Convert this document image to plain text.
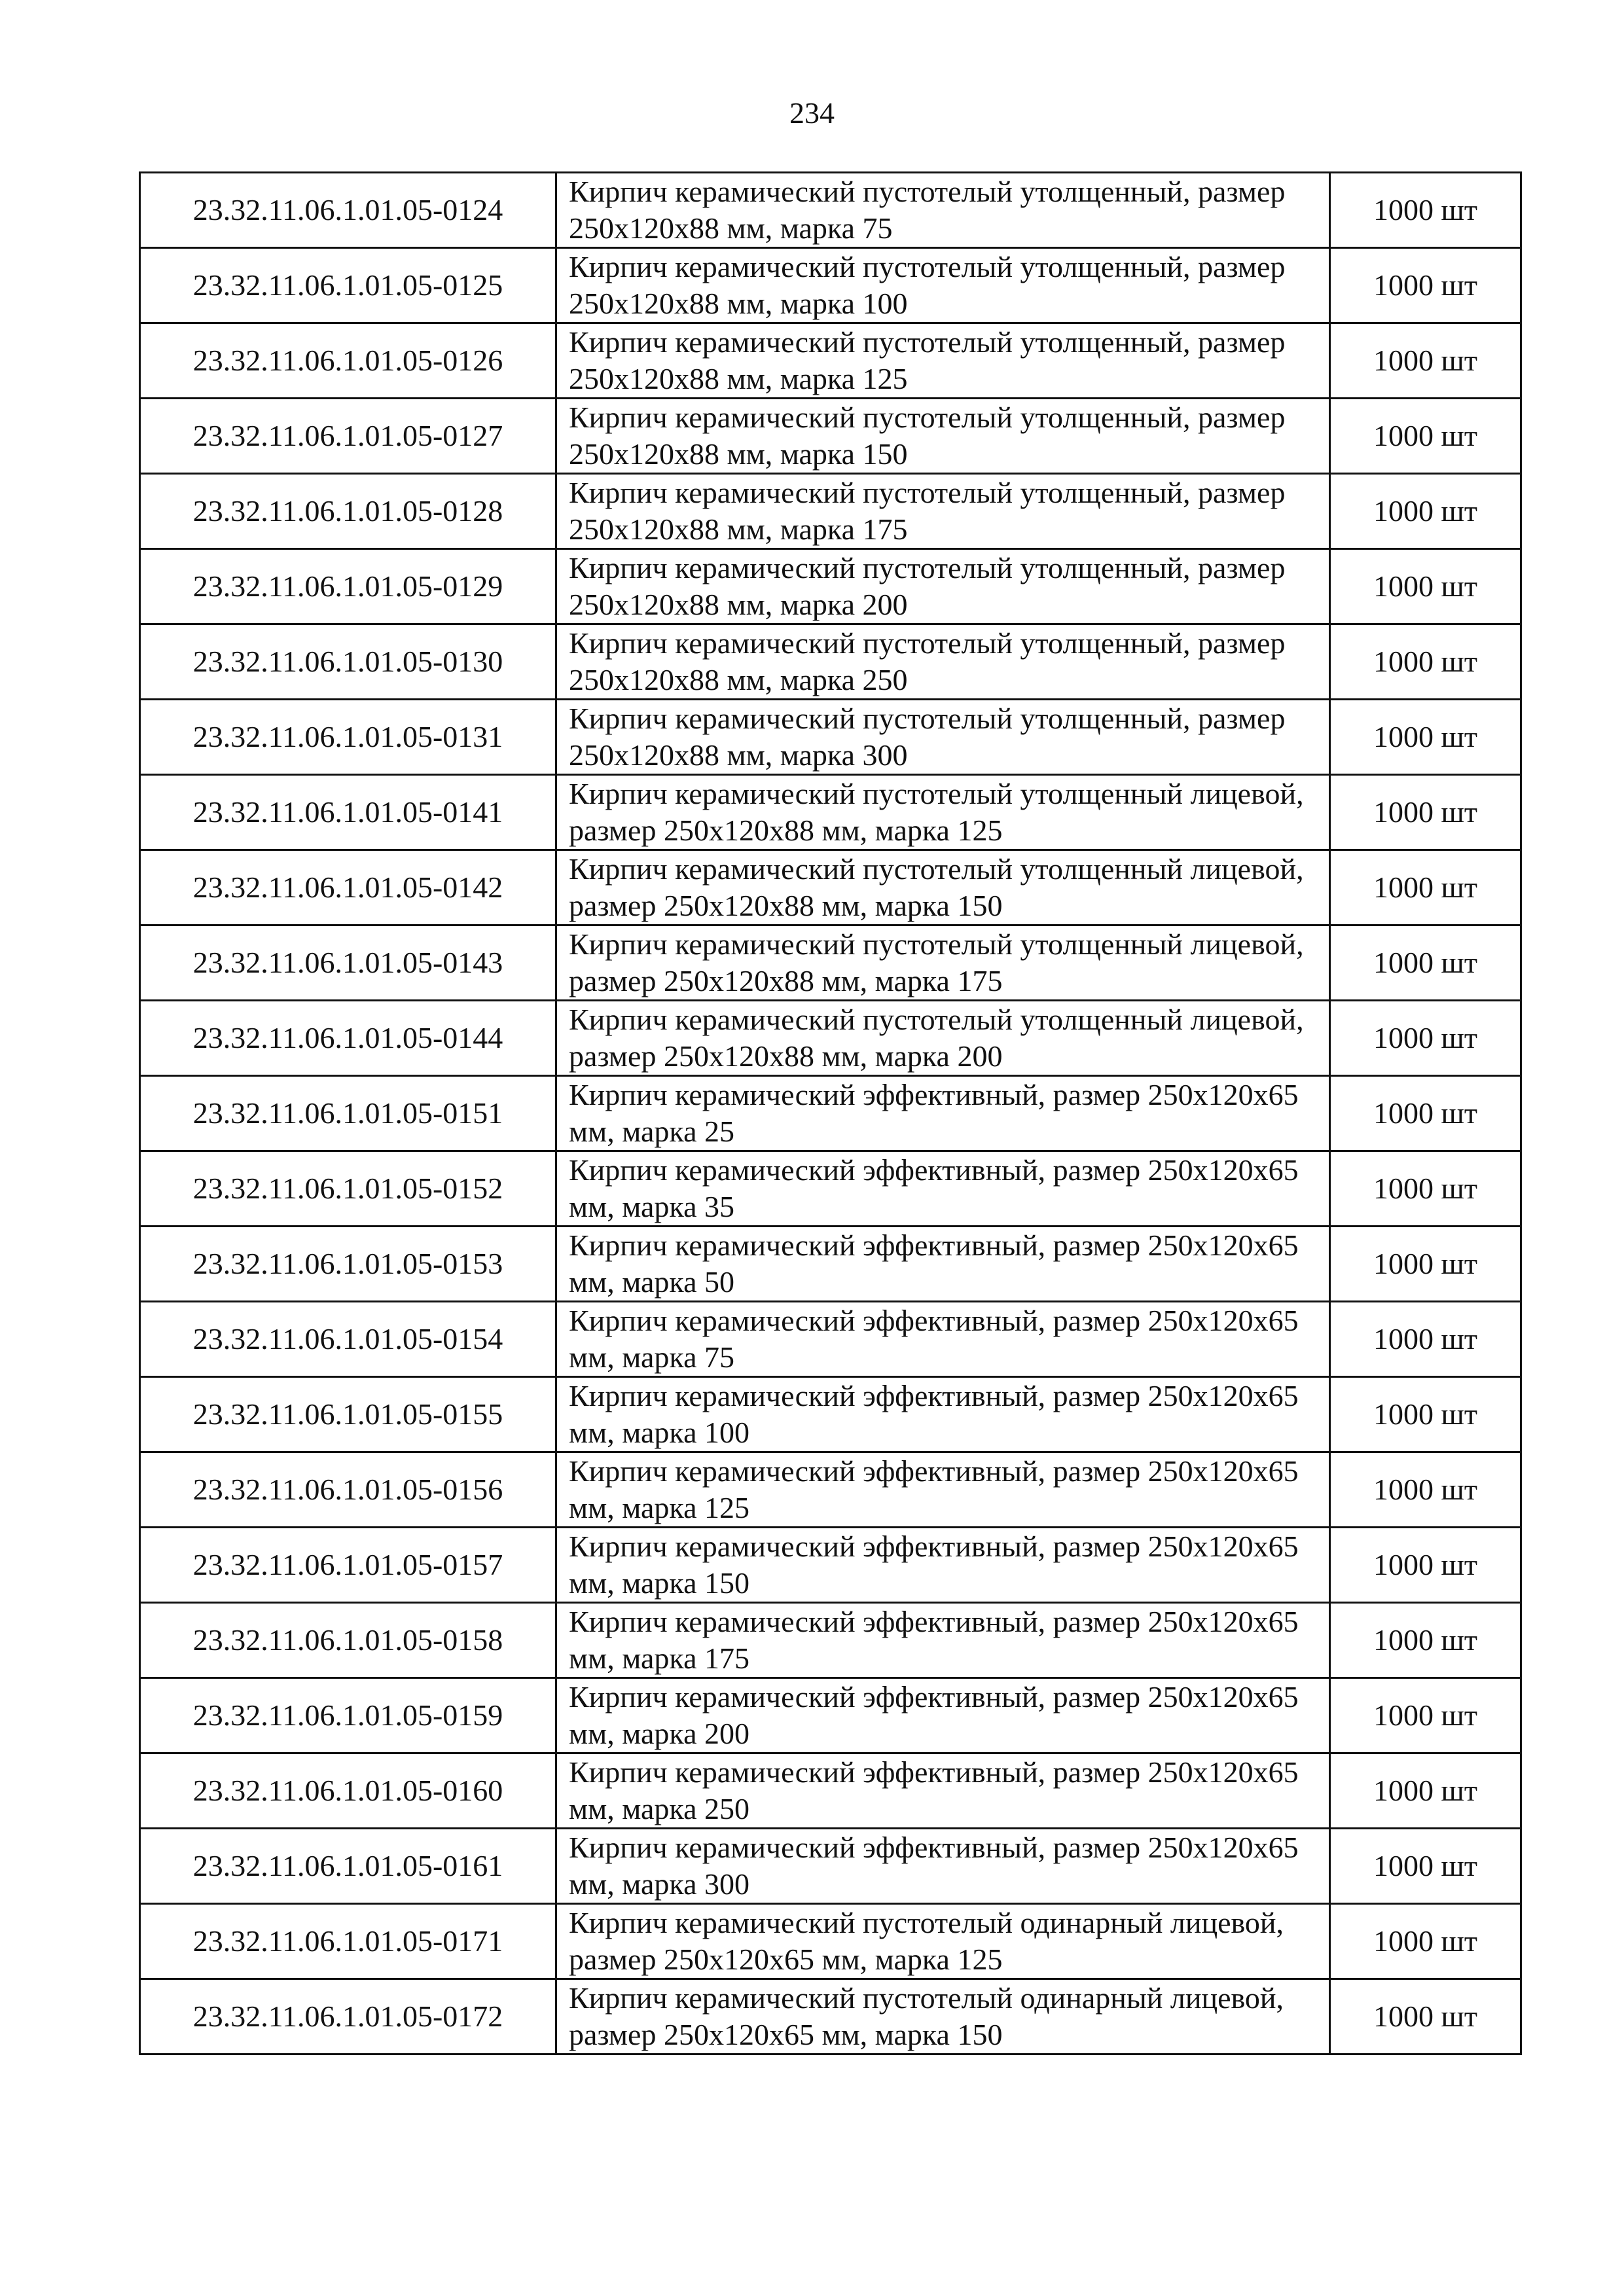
234
23.32.11.06.1.01.05-0124	Кирпич керамический пустотелый утолщенный, размер 250х120х88 мм, марка 75	1000 шт
23.32.11.06.1.01.05-0125	Кирпич керамический пустотелый утолщенный, размер 250х120х88 мм, марка 100	1000 шт
23.32.11.06.1.01.05-0126	Кирпич керамический пустотелый утолщенный, размер 250х120х88 мм, марка 125	1000 шт
23.32.11.06.1.01.05-0127	Кирпич керамический пустотелый утолщенный, размер 250х120х88 мм, марка 150	1000 шт
23.32.11.06.1.01.05-0128	Кирпич керамический пустотелый утолщенный, размер 250х120х88 мм, марка 175	1000 шт
23.32.11.06.1.01.05-0129	Кирпич керамический пустотелый утолщенный, размер 250х120х88 мм, марка 200	1000 шт
23.32.11.06.1.01.05-0130	Кирпич керамический пустотелый утолщенный, размер 250х120х88 мм, марка 250	1000 шт
23.32.11.06.1.01.05-0131	Кирпич керамический пустотелый утолщенный, размер 250х120х88 мм, марка 300	1000 шт
23.32.11.06.1.01.05-0141	Кирпич керамический пустотелый утолщенный лицевой, размер 250х120х88 мм, марка 125	1000 шт
23.32.11.06.1.01.05-0142	Кирпич керамический пустотелый утолщенный лицевой, размер 250х120х88 мм, марка 150	1000 шт
23.32.11.06.1.01.05-0143	Кирпич керамический пустотелый утолщенный лицевой, размер 250х120х88 мм, марка 175	1000 шт
23.32.11.06.1.01.05-0144	Кирпич керамический пустотелый утолщенный лицевой, размер 250х120х88 мм, марка 200	1000 шт
23.32.11.06.1.01.05-0151	Кирпич керамический эффективный, размер 250х120х65 мм, марка 25	1000 шт
23.32.11.06.1.01.05-0152	Кирпич керамический эффективный, размер 250х120х65 мм, марка 35	1000 шт
23.32.11.06.1.01.05-0153	Кирпич керамический эффективный, размер 250х120х65 мм, марка 50	1000 шт
23.32.11.06.1.01.05-0154	Кирпич керамический эффективный, размер 250х120х65 мм, марка 75	1000 шт
23.32.11.06.1.01.05-0155	Кирпич керамический эффективный, размер 250х120х65 мм, марка 100	1000 шт
23.32.11.06.1.01.05-0156	Кирпич керамический эффективный, размер 250х120х65 мм, марка 125	1000 шт
23.32.11.06.1.01.05-0157	Кирпич керамический эффективный, размер 250х120х65 мм, марка 150	1000 шт
23.32.11.06.1.01.05-0158	Кирпич керамический эффективный, размер 250х120х65 мм, марка 175	1000 шт
23.32.11.06.1.01.05-0159	Кирпич керамический эффективный, размер 250х120х65 мм, марка 200	1000 шт
23.32.11.06.1.01.05-0160	Кирпич керамический эффективный, размер 250х120х65 мм, марка 250	1000 шт
23.32.11.06.1.01.05-0161	Кирпич керамический эффективный, размер 250х120х65 мм, марка 300	1000 шт
23.32.11.06.1.01.05-0171	Кирпич керамический пустотелый одинарный лицевой, размер 250х120х65 мм, марка 125	1000 шт
23.32.11.06.1.01.05-0172	Кирпич керамический пустотелый одинарный лицевой, размер 250х120х65 мм, марка 150	1000 шт
